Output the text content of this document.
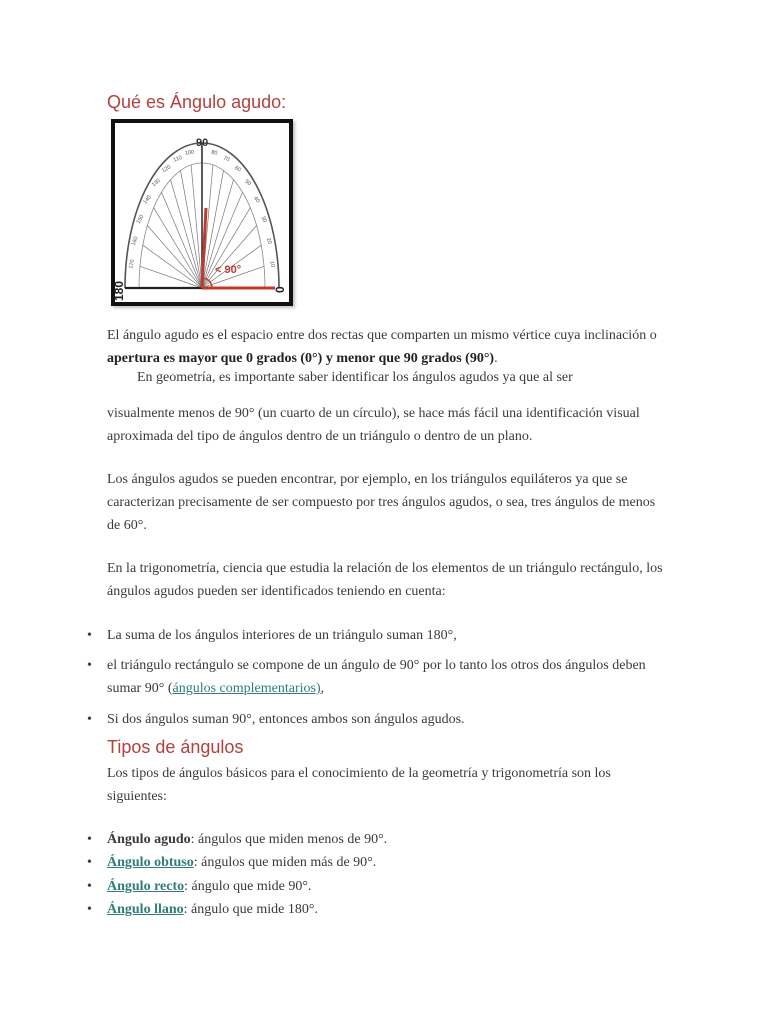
Qué es Ángulo agudo:
170
160
150
140
130
120
110
100	80
70
60
50
40
30
20
10
< 90°
90
180	0

El ángulo agudo es el espacio entre dos rectas que comparten un mismo vértice cuya inclinación o apertura es mayor que 0 grados (0°) y menor que 90 grados (90°).

En geometría, es importante saber identificar los ángulos agudos ya que al ser

visualmente menos de 90° (un cuarto de un círculo), se hace más fácil una identificación visual aproximada del tipo de ángulos dentro de un triángulo o dentro de un plano.

Los ángulos agudos se pueden encontrar, por ejemplo, en los triángulos equiláteros ya que se caracterizan precisamente de ser compuesto por tres ángulos agudos, o sea, tres ángulos de menos de 60°.

En la trigonometría, ciencia que estudia la relación de los elementos de un triángulo rectángulo, los ángulos agudos pueden ser identificados teniendo en cuenta:

• La suma de los ángulos interiores de un triángulo suman 180°,
• el triángulo rectángulo se compone de un ángulo de 90° por lo tanto los otros dos ángulos deben sumar 90° (ángulos complementarios),
• Si dos ángulos suman 90°, entonces ambos son ángulos agudos.
Tipos de ángulos

Los tipos de ángulos básicos para el conocimiento de la geometría y trigonometría son los siguientes:

• Ángulo agudo: ángulos que miden menos de 90°.
• Ángulo obtuso: ángulos que miden más de 90°.
• Ángulo recto: ángulo que mide 90°.
• Ángulo llano: ángulo que mide 180°.
